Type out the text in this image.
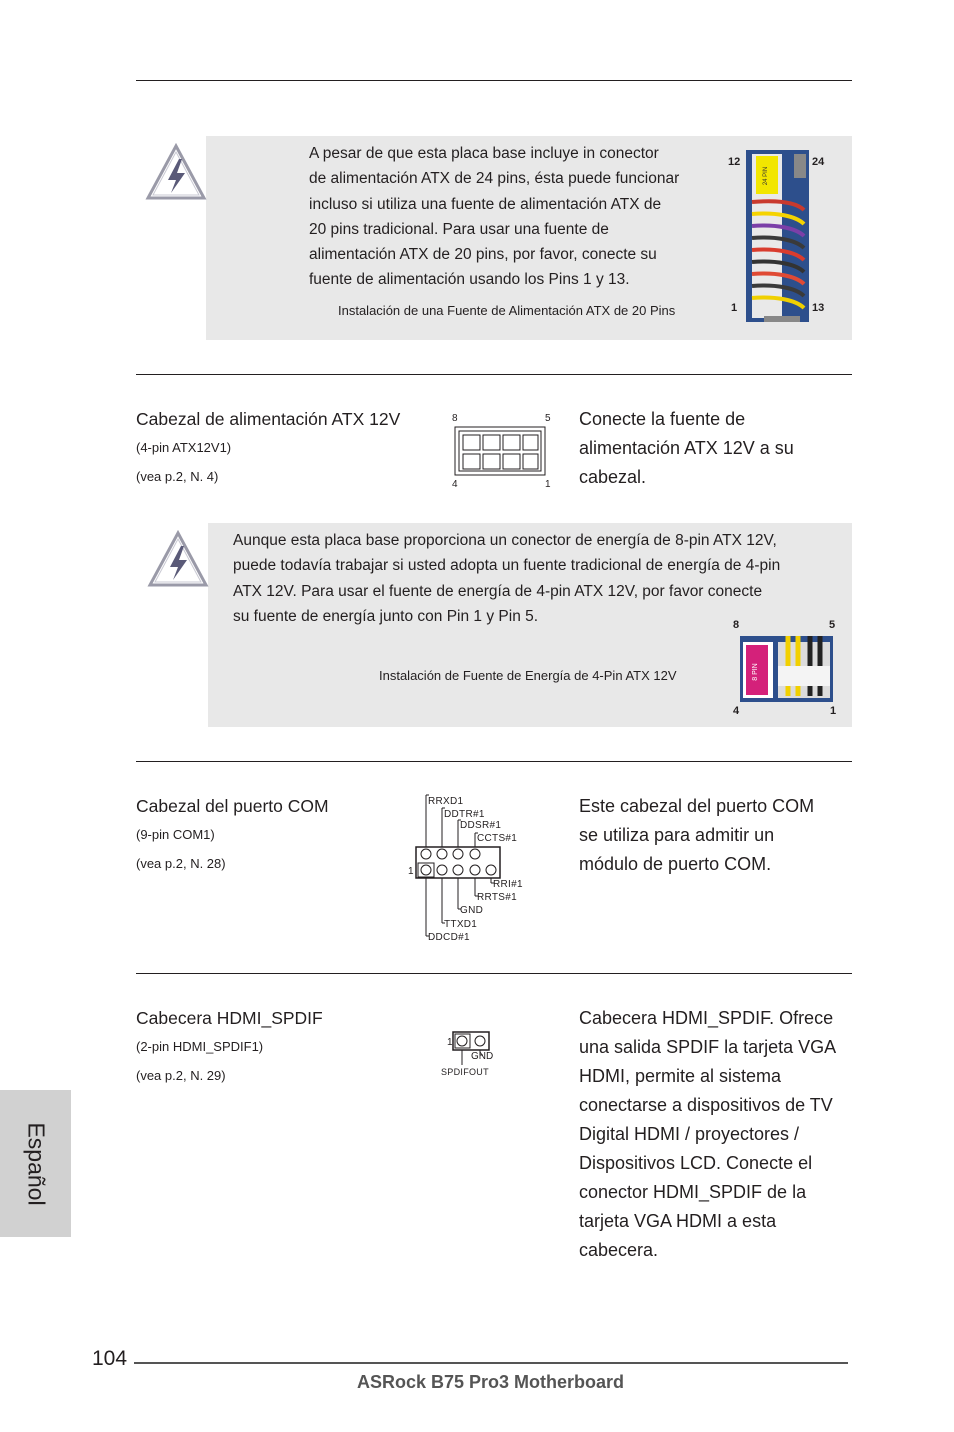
A pesar de que esta placa base incluye in conector
de alimentación ATX de 24 pins, ésta puede funcionar
incluso si utiliza una fuente de alimentación ATX de
20 pins tradicional. Para usar una fuente de
alimentación ATX de 20 pins, por favor, conecte su
fuente de alimentación usando los Pins 1 y 13.
Instalación de una Fuente de Alimentación ATX de 20 Pins
12	24
1	13
24 PIN
Cabezal de alimentación ATX 12V
(4-pin ATX12V1)
(vea p.2, N. 4)
8	5
4	1
Conecte la fuente de
alimentación ATX 12V a su
cabezal.
Aunque esta placa base proporciona un conector de energía de 8-pin ATX 12V,
puede todavía trabajar si usted adopta un fuente tradicional de energía de 4-pin
ATX 12V. Para usar el fuente de energía de 4-pin ATX 12V, por favor conecte
su fuente de energía junto con Pin 1 y Pin 5.
Instalación de Fuente de Energía de 4-Pin ATX 12V
8	5
4	1
8 PIN
Cabezal del puerto COM
(9-pin COM1)
(vea p.2, N. 28)
RRXD1
DDTR#1
DDSR#1
CCTS#1
RRI#1
RRTS#1
GND
TTXD1
DDCD#1
1
Este cabezal del puerto COM
se utiliza para admitir un
módulo de puerto COM.
Cabecera HDMI_SPDIF
(2-pin HDMI_SPDIF1)
(vea p.2, N. 29)
1
GND
SPDIFOUT
Cabecera HDMI_SPDIF. Ofrece
una salida SPDIF la tarjeta VGA
HDMI, permite al sistema
conectarse a dispositivos de TV
Digital HDMI / proyectores /
Dispositivos LCD. Conecte el
conector HDMI_SPDIF de la
tarjeta VGA HDMI a esta
cabecera.
Español
104
ASRock B75 Pro3 Motherboard
